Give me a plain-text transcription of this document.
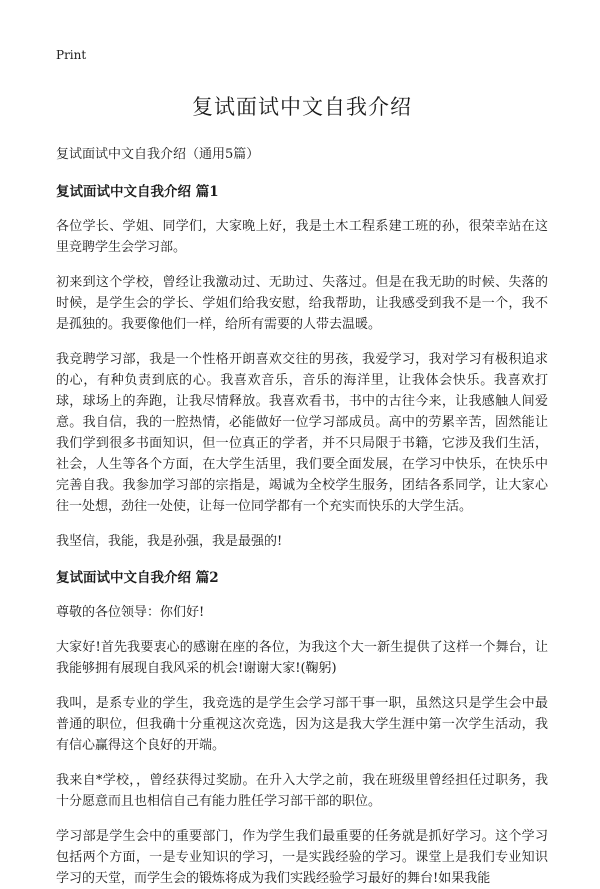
Print
复试面试中文自我介绍
复试面试中文自我介绍（通用5篇）
复试面试中文自我介绍 篇1

各位学长、学姐、同学们，大家晚上好，我是土木工程系建工班的孙，很荣幸站在这里竞聘学生会学习部。

初来到这个学校，曾经让我激动过、无助过、失落过。但是在我无助的时候、失落的时候，是学生会的学长、学姐们给我安慰，给我帮助，让我感受到我不是一个，我不是孤独的。我要像他们一样，给所有需要的人带去温暖。

我竞聘学习部，我是一个性格开朗喜欢交往的男孩，我爱学习，我对学习有极积追求的心，有种负责到底的心。我喜欢音乐，音乐的海洋里，让我体会快乐。我喜欢打球，球场上的奔跑，让我尽情释放。我喜欢看书，书中的古往今来，让我感触人间爱意。我自信，我的一腔热情，必能做好一位学习部成员。高中的劳累辛苦，固然能让我们学到很多书面知识，但一位真正的学者，并不只局限于书籍，它涉及我们生活，社会，人生等各个方面，在大学生活里，我们要全面发展，在学习中快乐，在快乐中完善自我。我参加学习部的宗指是，竭诚为全校学生服务，团结各系同学，让大家心往一处想，劲往一处使，让每一位同学都有一个充实而快乐的大学生活。

我坚信，我能，我是孙强，我是最强的!

复试面试中文自我介绍 篇2

尊敬的各位领导：你们好!

大家好!首先我要衷心的感谢在座的各位，为我这个大一新生提供了这样一个舞台，让我能够拥有展现自我风采的机会!谢谢大家!(鞠躬)

我叫，是系专业的学生，我竞选的是学生会学习部干事一职，虽然这只是学生会中最普通的职位，但我确十分重视这次竞选，因为这是我大学生涯中第一次学生活动，我有信心赢得这个良好的开端。

我来自*学校，，曾经获得过奖励。在升入大学之前，我在班级里曾经担任过职务，我十分愿意而且也相信自己有能力胜任学习部干部的职位。

学习部是学生会中的重要部门，作为学生我们最重要的任务就是抓好学习。这个学习包括两个方面，一是专业知识的学习，一是实践经验的学习。课堂上是我们专业知识学习的天堂，而学生会的锻炼将成为我们实践经验学习最好的舞台!如果我能
